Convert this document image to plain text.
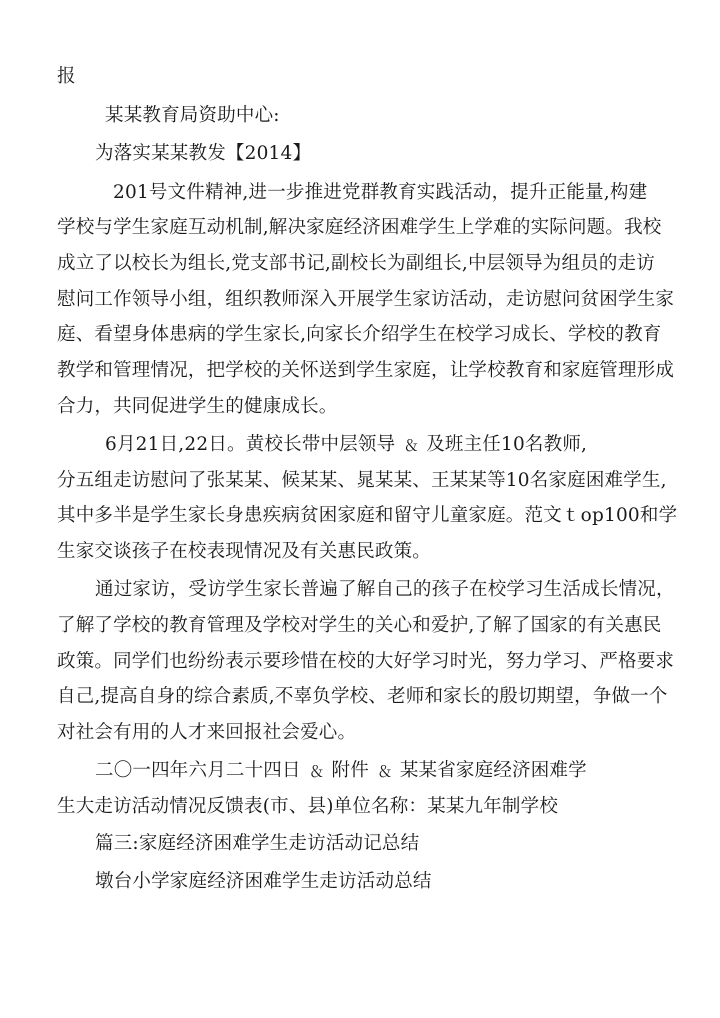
报
某某教育局资助中心:
为落实某某教发【2014】
201号文件精神,进一步推进党群教育实践活动，提升正能量,构建
学校与学生家庭互动机制,解决家庭经济困难学生上学难的实际问题。我校
成立了以校长为组长,党支部书记,副校长为副组长,中层领导为组员的走访
慰问工作领导小组，组织教师深入开展学生家访活动，走访慰问贫困学生家
庭、看望身体患病的学生家长,向家长介绍学生在校学习成长、学校的教育
教学和管理情况，把学校的关怀送到学生家庭，让学校教育和家庭管理形成
合力，共同促进学生的健康成长。
6月21日,22日。黄校长带中层领导 ﹠ 及班主任10名教师,
分五组走访慰问了张某某、候某某、晁某某、王某某等10名家庭困难学生,
其中多半是学生家长身患疾病贫困家庭和留守儿童家庭。范文ｔop100和学
生家交谈孩子在校表现情况及有关惠民政策。
通过家访，受访学生家长普遍了解自己的孩子在校学习生活成长情况，
了解了学校的教育管理及学校对学生的关心和爱护,了解了国家的有关惠民
政策。同学们也纷纷表示要珍惜在校的大好学习时光，努力学习、严格要求
自己,提高自身的综合素质,不辜负学校、老师和家长的殷切期望，争做一个
对社会有用的人才来回报社会爱心。
二〇一四年六月二十四日 ﹠ 附件 ﹠ 某某省家庭经济困难学
生大走访活动情况反馈表(市、县)单位名称：某某九年制学校
篇三:家庭经济困难学生走访活动记总结
墩台小学家庭经济困难学生走访活动总结
